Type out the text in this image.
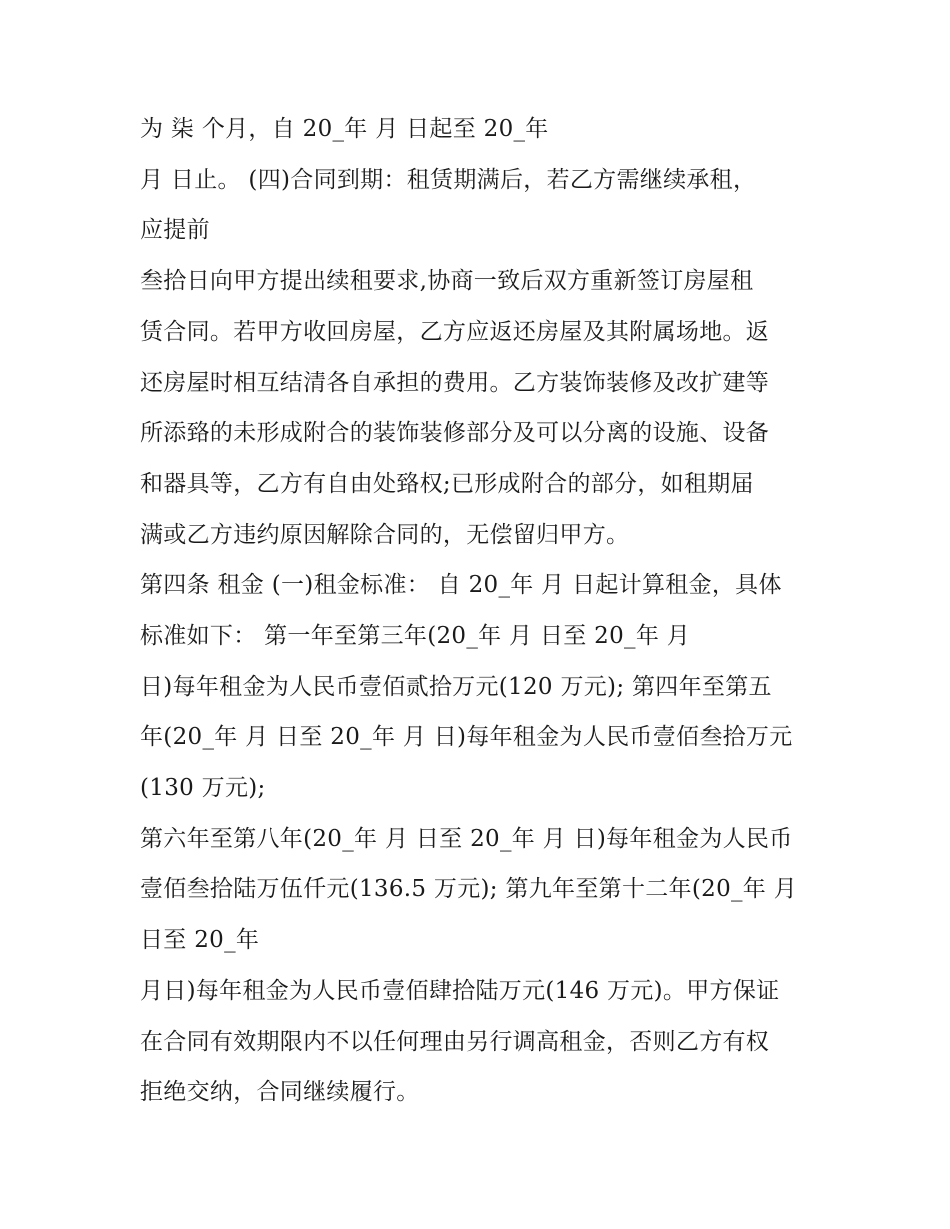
为 柒 个月，自 20_年 月 日起至 20_年
月 日止。 (四)合同到期：租赁期满后，若乙方需继续承租，
应提前
叁拾日向甲方提出续租要求,协商一致后双方重新签订房屋租
赁合同。若甲方收回房屋，乙方应返还房屋及其附属场地。返
还房屋时相互结清各自承担的费用。乙方装饰装修及改扩建等
所添臵的未形成附合的装饰装修部分及可以分离的设施、设备
和器具等，乙方有自由处臵权;已形成附合的部分，如租期届
满或乙方违约原因解除合同的，无偿留归甲方。
第四条 租金 (一)租金标准： 自 20_年 月 日起计算租金，具体
标准如下： 第一年至第三年(20_年 月 日至 20_年 月
日)每年租金为人民币壹佰贰拾万元(120 万元); 第四年至第五
年(20_年 月 日至 20_年 月 日)每年租金为人民币壹佰叁拾万元
(130 万元);
第六年至第八年(20_年 月 日至 20_年 月 日)每年租金为人民币
壹佰叁拾陆万伍仟元(136.5 万元); 第九年至第十二年(20_年 月
日至 20_年
月日)每年租金为人民币壹佰肆拾陆万元(146 万元)。甲方保证
在合同有效期限内不以任何理由另行调高租金，否则乙方有权
拒绝交纳，合同继续履行。
